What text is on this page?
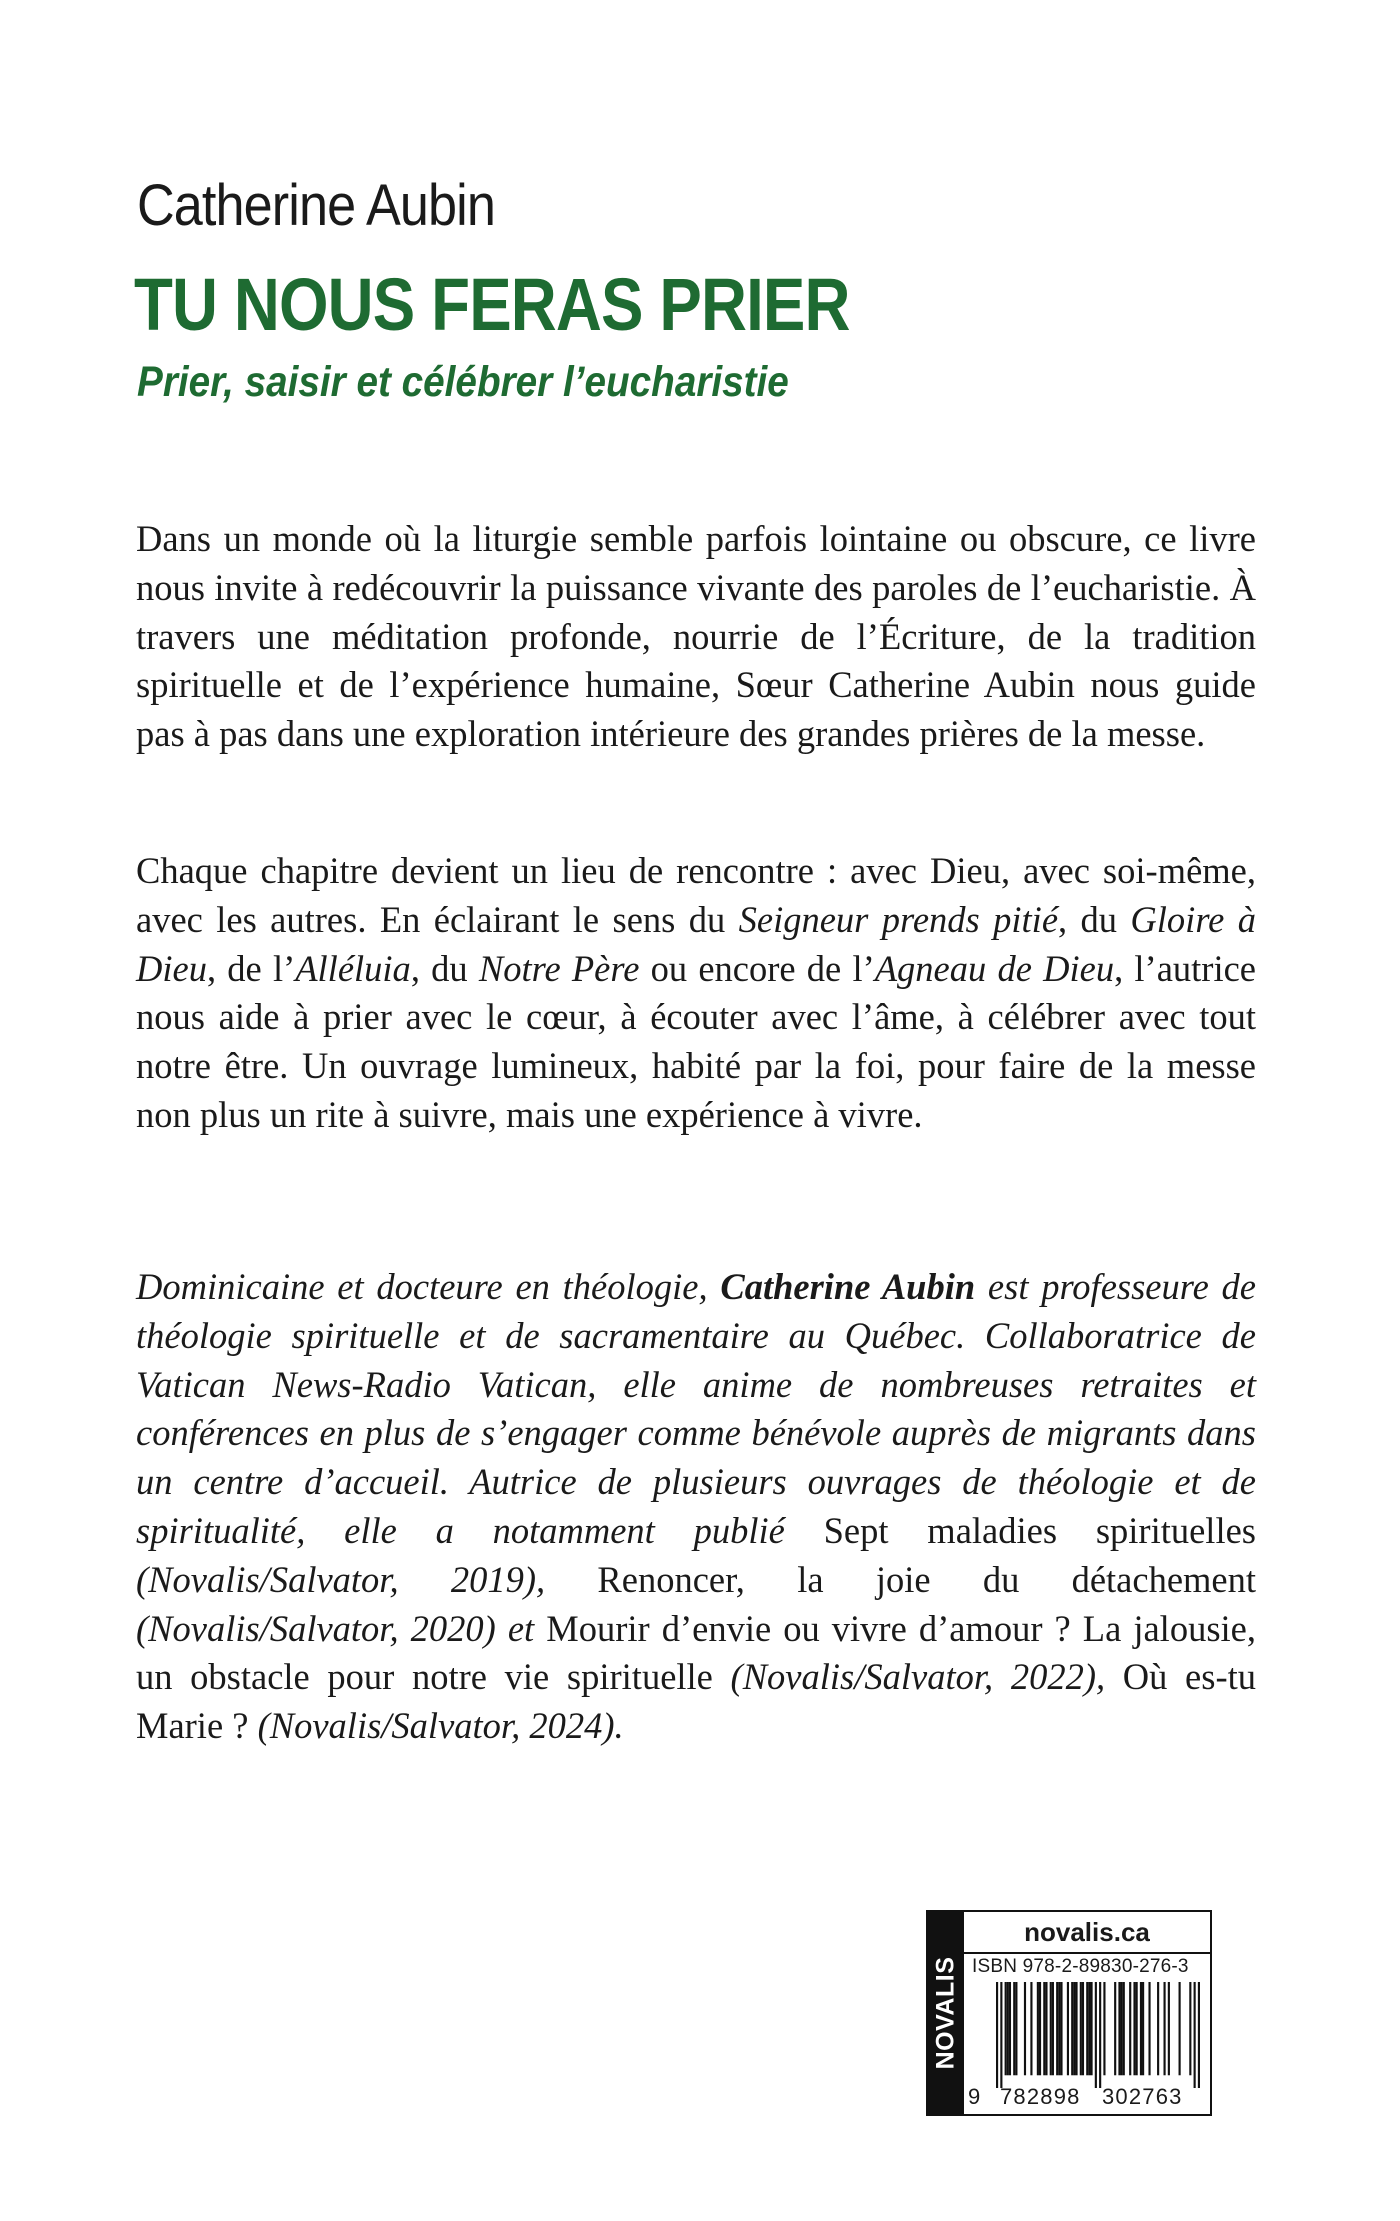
Catherine Aubin
TU NOUS FERAS PRIER
Prier, saisir et célébrer l’eucharistie

Dans un monde où la liturgie semble parfois lointaine ou obscure, ce livre nous invite à redécouvrir la puissance vivante des paroles de l’eucharistie. À travers une méditation profonde, nourrie de l’Écriture, de la tradition spirituelle et de l’expérience humaine, Sœur Catherine Aubin nous guide pas à pas dans une exploration intérieure des grandes prières de la messe.

Chaque chapitre devient un lieu de rencontre : avec Dieu, avec soi-même, avec les autres. En éclairant le sens du Seigneur prends pitié, du Gloire à Dieu, de l’Alléluia, du Notre Père ou encore de l’Agneau de Dieu, l’autrice nous aide à prier avec le cœur, à écouter avec l’âme, à célébrer avec tout notre être. Un ouvrage lumineux, habité par la foi, pour faire de la messe non plus un rite à suivre, mais une expérience à vivre.

Dominicaine et docteure en théologie, Catherine Aubin est professeure de théologie spirituelle et de sacramentaire au Québec. Collaboratrice de Vatican News-Radio Vatican, elle anime de nombreuses retraites et conférences en plus de s’engager comme bénévole auprès de migrants dans un centre d’accueil. Autrice de plusieurs ouvrages de théologie et de spiritualité, elle a notamment publié Sept maladies spirituelles (Novalis/Salvator, 2019), Renoncer, la joie du détachement (Novalis/Salvator, 2020) et Mourir d’envie ou vivre d’amour ? La jalousie, un obstacle pour notre vie spirituelle (Novalis/Salvator, 2022), Où es-tu Marie ? (Novalis/Salvator, 2024).

NOVALIS
novalis.ca
ISBN 978-2-89830-276-3
9 782898 302763
